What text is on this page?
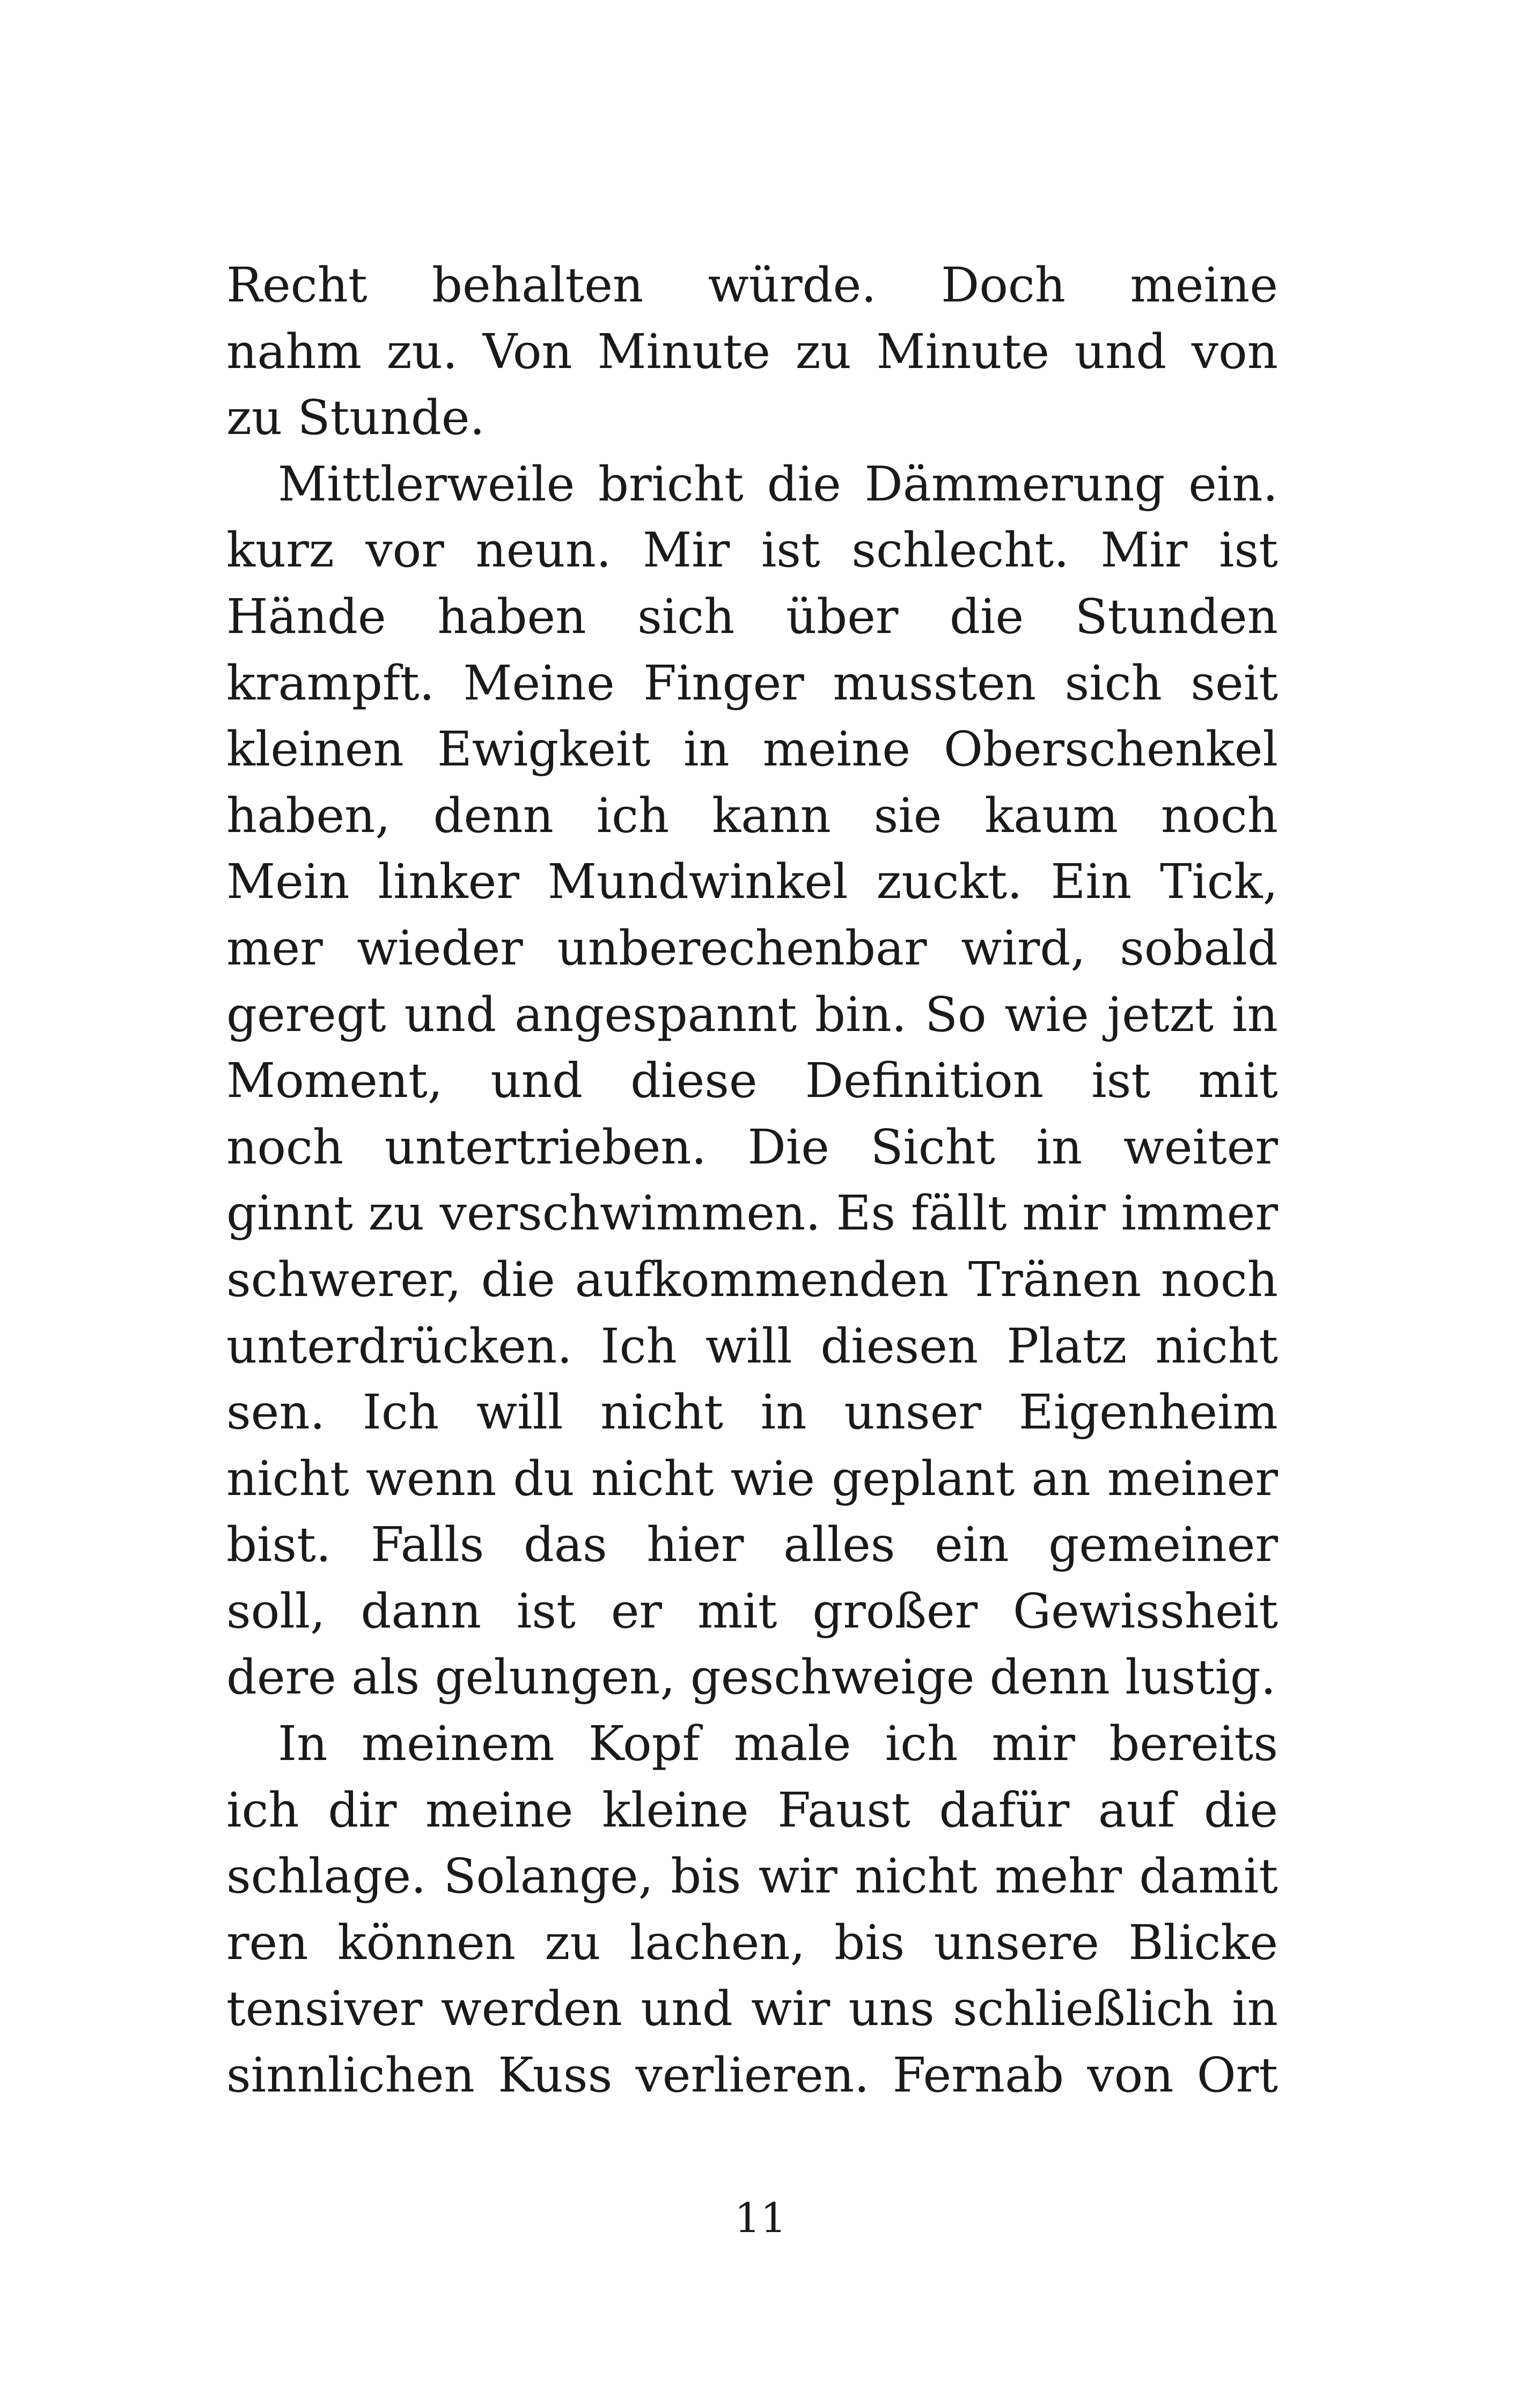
Recht behalten würde. Doch meine
nahm zu. Von Minute zu Minute und von
zu Stunde.
Mittlerweile bricht die Dämmerung ein.
kurz vor neun. Mir ist schlecht. Mir ist
Hände haben sich über die Stunden
krampft. Meine Finger mussten sich seit
kleinen Ewigkeit in meine Oberschenkel
haben, denn ich kann sie kaum noch
Mein linker Mundwinkel zuckt. Ein Tick,
mer wieder unberechenbar wird, sobald
geregt und angespannt bin. So wie jetzt in
Moment, und diese Definition ist mit
noch untertrieben. Die Sicht in weiter
ginnt zu verschwimmen. Es fällt mir immer
schwerer, die aufkommenden Tränen noch
unterdrücken. Ich will diesen Platz nicht
sen. Ich will nicht in unser Eigenheim
nicht wenn du nicht wie geplant an meiner
bist. Falls das hier alles ein gemeiner
soll, dann ist er mit großer Gewissheit
dere als gelungen, geschweige denn lustig.
In meinem Kopf male ich mir bereits
ich dir meine kleine Faust dafür auf die
schlage. Solange, bis wir nicht mehr damit
ren können zu lachen, bis unsere Blicke
tensiver werden und wir uns schließlich in
sinnlichen Kuss verlieren. Fernab von Ort
11
